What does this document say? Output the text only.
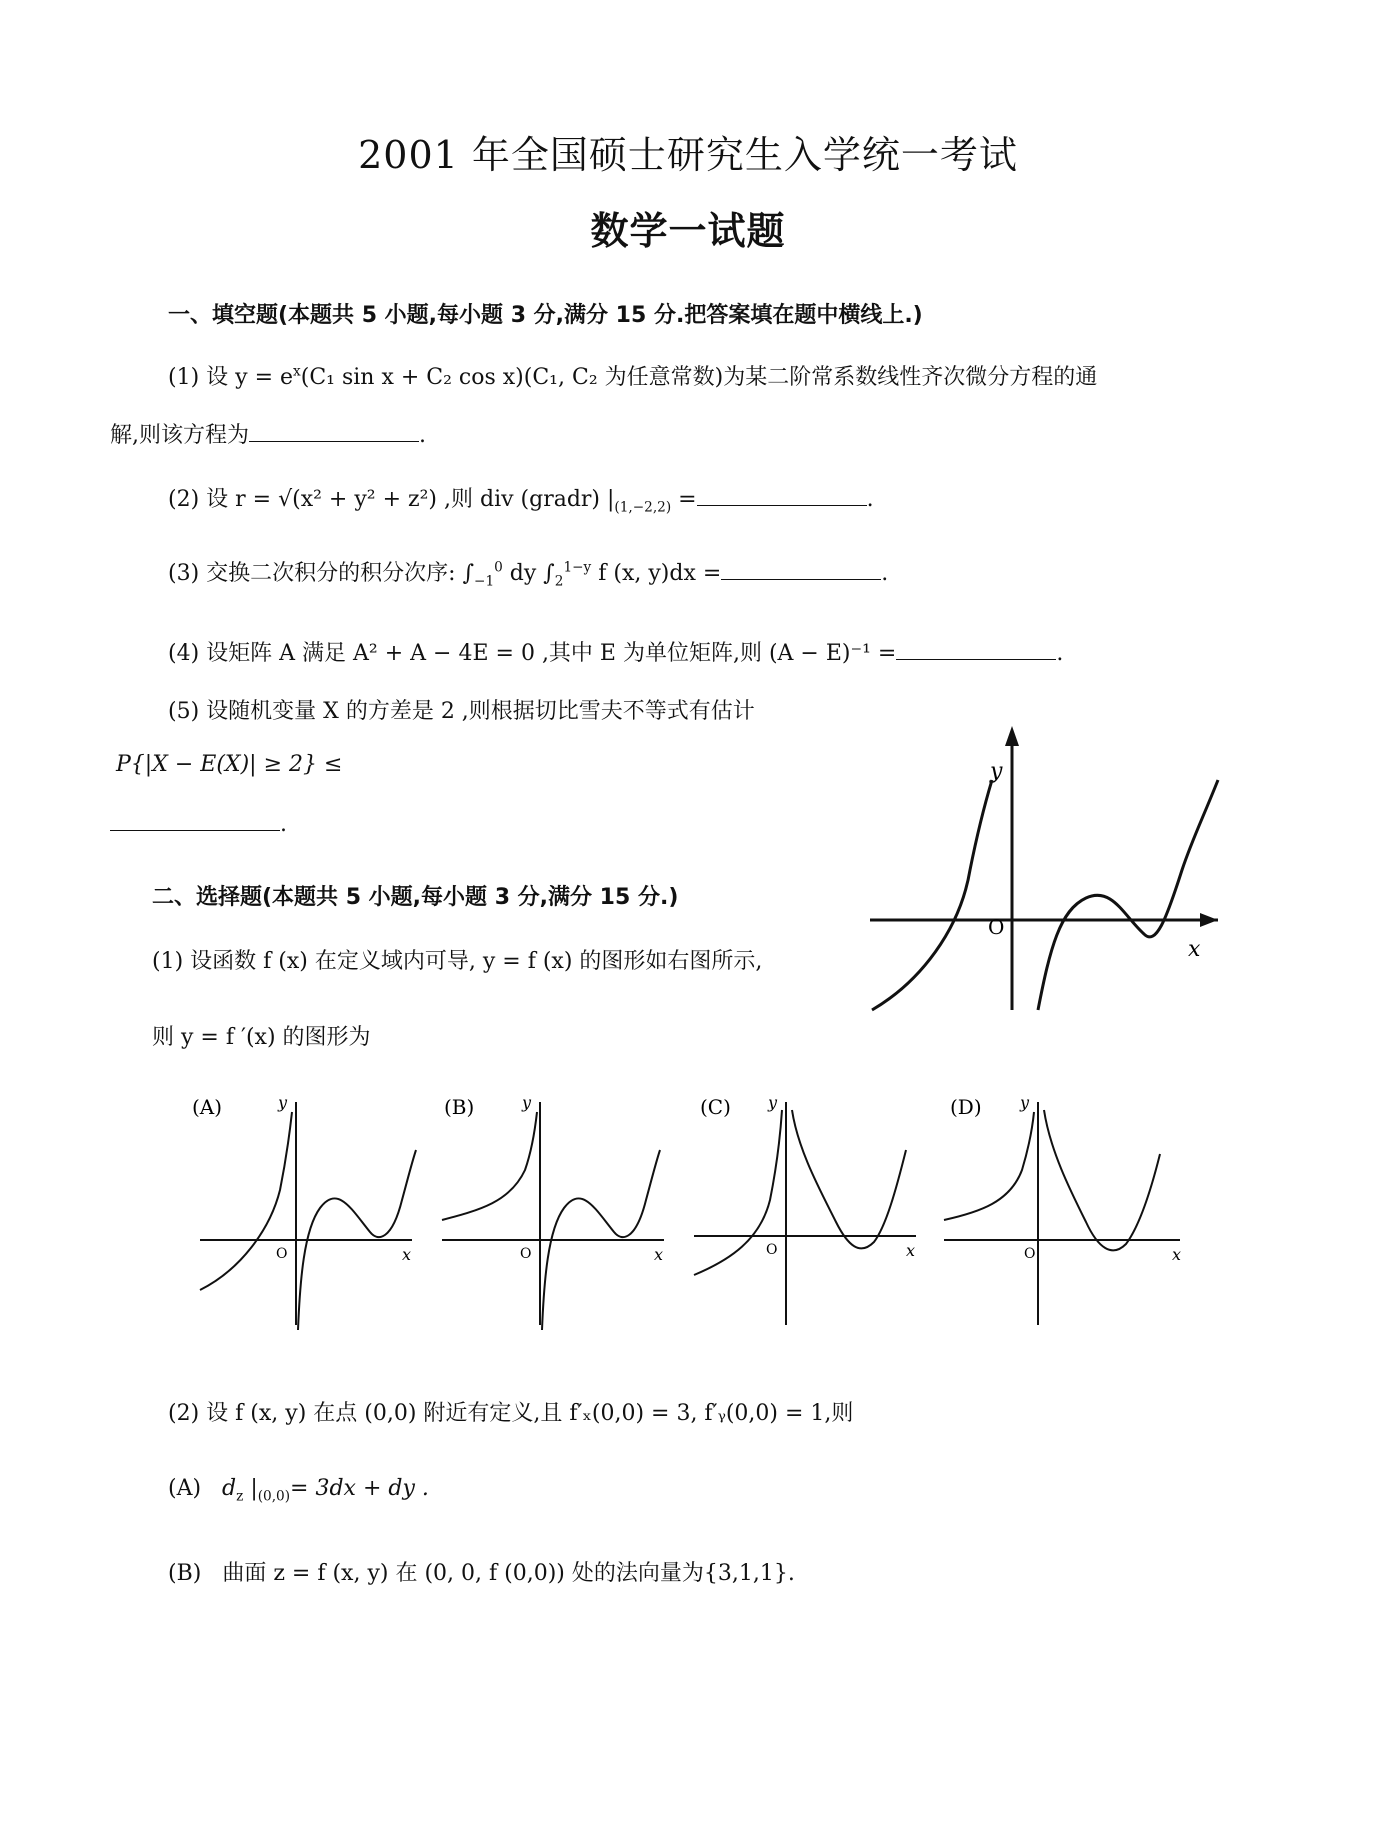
2001 年全国硕士研究生入学统一考试
数学一试题
一、填空题(本题共 5 小题,每小题 3 分,满分 15 分.把答案填在题中横线上.)
(1) 设 $y = e^x(C_1$ sin x + C₂ cos x)(C₁, C₂ 为任意常数)为某二阶常系数线性齐次微分方程的通
解,则该方程为	.
(2) 设 r = √(x² + y² + z²) ,则 div (gradr) $|_{(1,-2,2)}$ =	.
(3) 交换二次积分的积分次序: $\int_{-1}^0$ dy $\int_2^{1-y}$ f (x, y)dx =	.
(4) 设矩阵 A 满足 A² + A − 4E = 0 ,其中 E 为单位矩阵,则 (A − E)⁻¹ =	.
(5) 设随机变量 X 的方差是 2 ,则根据切比雪夫不等式有估计
P{|X − E(X)| ≥ 2} ≤
.
y
x
O
二、选择题(本题共 5 小题,每小题 3 分,满分 15 分.)
(1) 设函数 f (x) 在定义域内可导, y = f (x) 的图形如右图所示,
则 y = f ′(x) 的图形为
(A)	y
x
O
(B)	y
x
O
(C) y
x
O
(D) y
x
O
(2) 设 f (x, y) 在点 (0,0) 附近有定义,且 f′ₓ(0,0) = 3, f′ᵧ(0,0) = 1,则
(A) $d_z$ $|_{(0,0)}= 3dx$ + dy .
(B) 曲面 z = f (x, y) 在 (0, 0, f (0,0)) 处的法向量为{3,1,1}.
